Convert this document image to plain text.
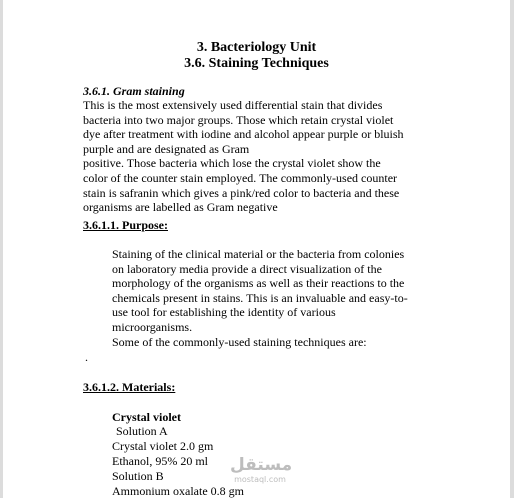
3. Bacteriology Unit
3.6. Staining Techniques
3.6.1. Gram staining
This is the most extensively used differential stain that divides
bacteria into two major groups. Those which retain crystal violet
dye after treatment with iodine and alcohol appear purple or bluish
purple and are designated as Gram
positive. Those bacteria which lose the crystal violet show the
color of the counter stain employed. The commonly-used counter
stain is safranin which gives a pink/red color to bacteria and these
organisms are labelled as Gram negative
3.6.1.1. Purpose:
Staining of the clinical material or the bacteria from colonies
on laboratory media provide a direct visualization of the
morphology of the organisms as well as their reactions to the
chemicals present in stains. This is an invaluable and easy-to-
use tool for establishing the identity of various
microorganisms.
Some of the commonly-used staining techniques are:
.
3.6.1.2. Materials:
Crystal violet
Solution A
Crystal violet 2.0 gm
Ethanol, 95% 20 ml
Solution B
Ammonium oxalate 0.8 gm
مستقل
mostaql.com
